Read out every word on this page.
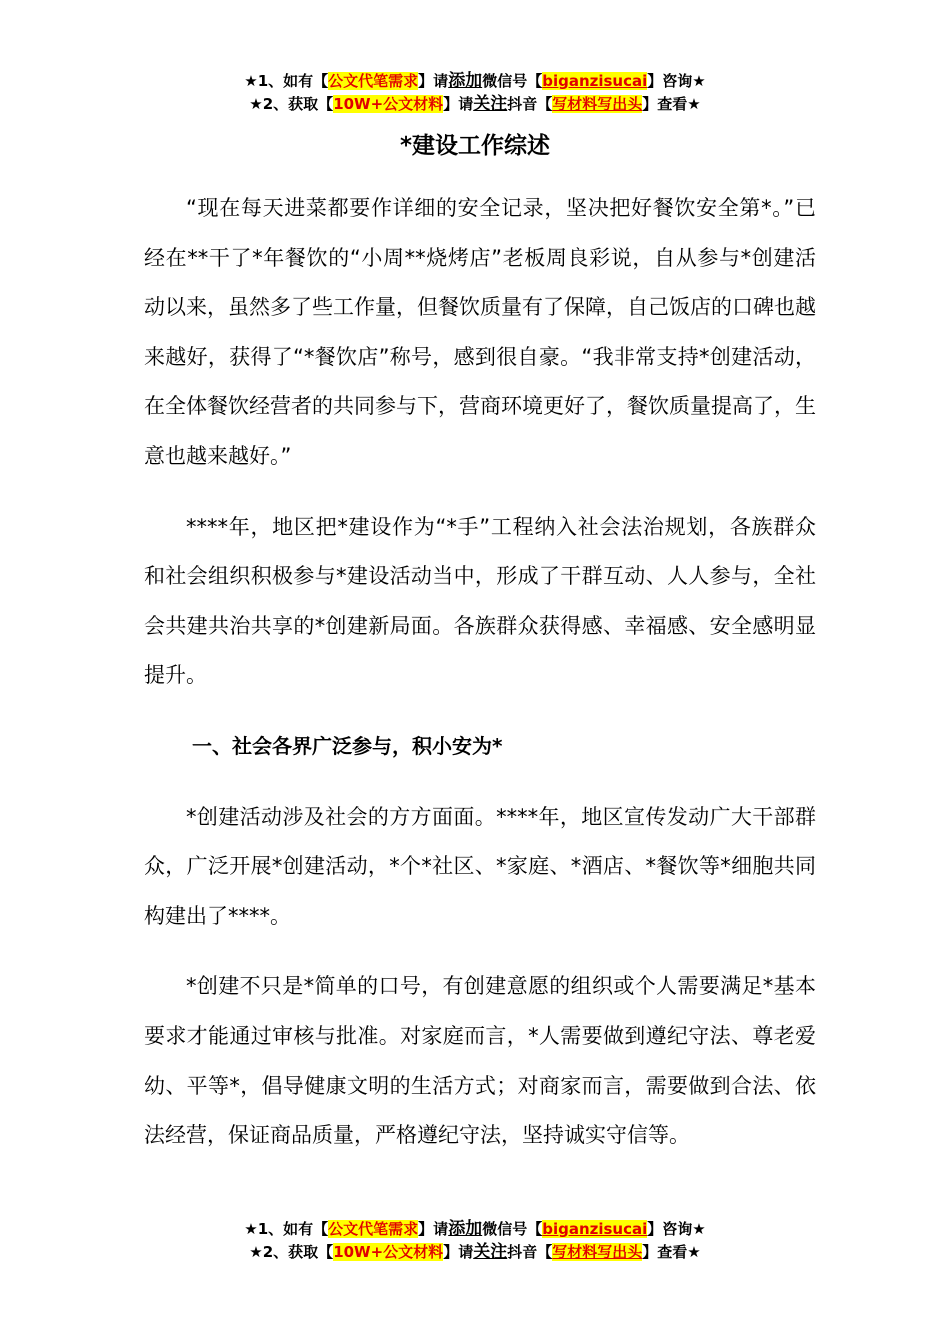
★1、如有【公文代笔需求】请添加微信号【biganzisucai】咨询★
★2、获取【10W+公文材料】请关注抖音【写材料写出头】查看★
*建设工作综述

“现在每天进菜都要作详细的安全记录，坚决把好餐饮安全第*。”已经在**干了*年餐饮的“小周**烧烤店”老板周良彩说，自从参与*创建活动以来，虽然多了些工作量，但餐饮质量有了保障，自己饭店的口碑也越来越好，获得了“*餐饮店”称号，感到很自豪。“我非常支持*创建活动，在全体餐饮经营者的共同参与下，营商环境更好了，餐饮质量提高了，生意也越来越好。”

****年，地区把*建设作为“*手”工程纳入社会法治规划，各族群众和社会组织积极参与*建设活动当中，形成了干群互动、人人参与，全社会共建共治共享的*创建新局面。各族群众获得感、幸福感、安全感明显提升。

一、社会各界广泛参与，积小安为*

*创建活动涉及社会的方方面面。****年，地区宣传发动广大干部群众，广泛开展*创建活动，*个*社区、*家庭、*酒店、*餐饮等*细胞共同构建出了****。

*创建不只是*简单的口号，有创建意愿的组织或个人需要满足*基本要求才能通过审核与批准。对家庭而言，*人需要做到遵纪守法、尊老爱幼、平等*，倡导健康文明的生活方式；对商家而言，需要做到合法、依法经营，保证商品质量，严格遵纪守法，坚持诚实守信等。

★1、如有【公文代笔需求】请添加微信号【biganzisucai】咨询★
★2、获取【10W+公文材料】请关注抖音【写材料写出头】查看★
